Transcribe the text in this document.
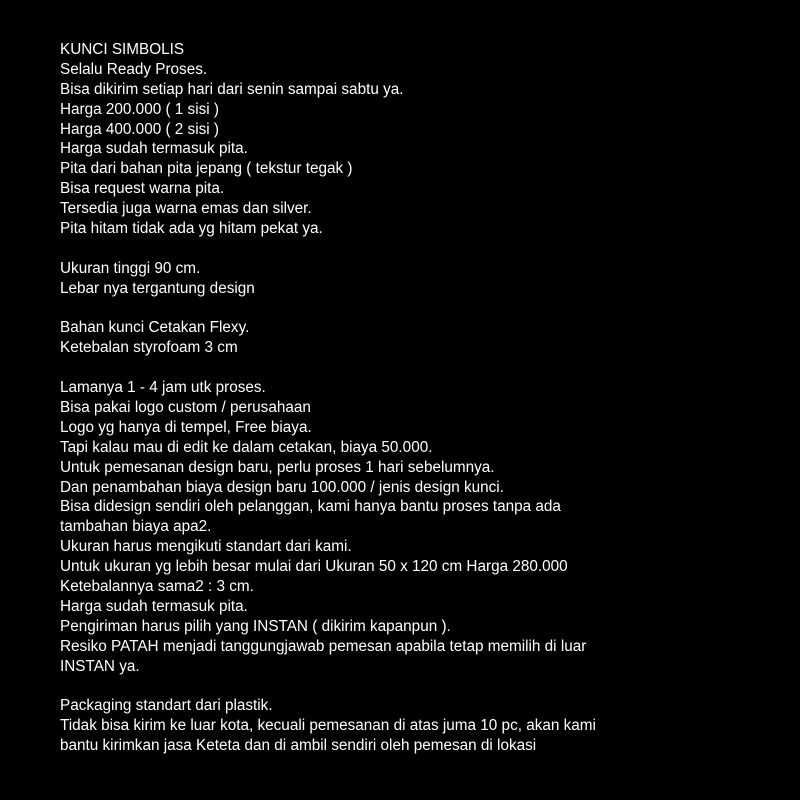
KUNCI SIMBOLIS
Selalu Ready Proses.
Bisa dikirim setiap hari dari senin sampai sabtu ya.
Harga 200.000 ( 1 sisi )
Harga 400.000 ( 2 sisi )
Harga sudah termasuk pita.
Pita dari bahan pita jepang ( tekstur tegak )
Bisa request warna pita.
Tersedia juga warna emas dan silver.
Pita hitam tidak ada yg hitam pekat ya.
Ukuran tinggi 90 cm.
Lebar nya tergantung design
Bahan kunci Cetakan Flexy.
Ketebalan styrofoam 3 cm
Lamanya 1 - 4 jam utk proses.
Bisa pakai logo custom / perusahaan
Logo yg hanya di tempel, Free biaya.
Tapi kalau mau di edit ke dalam cetakan, biaya 50.000.
Untuk pemesanan design baru, perlu proses 1 hari sebelumnya.
Dan penambahan biaya design baru 100.000 / jenis design kunci.
Bisa didesign sendiri oleh pelanggan, kami hanya bantu proses tanpa ada
tambahan biaya apa2.
Ukuran harus mengikuti standart dari kami.
Untuk ukuran yg lebih besar mulai dari Ukuran 50 x 120 cm Harga 280.000
Ketebalannya sama2 : 3 cm.
Harga sudah termasuk pita.
Pengiriman harus pilih yang INSTAN ( dikirim kapanpun ).
Resiko PATAH menjadi tanggungjawab pemesan apabila tetap memilih di luar
INSTAN ya.
Packaging standart dari plastik.
Tidak bisa kirim ke luar kota, kecuali pemesanan di atas juma 10 pc, akan kami
bantu kirimkan jasa Keteta dan di ambil sendiri oleh pemesan di lokasi
